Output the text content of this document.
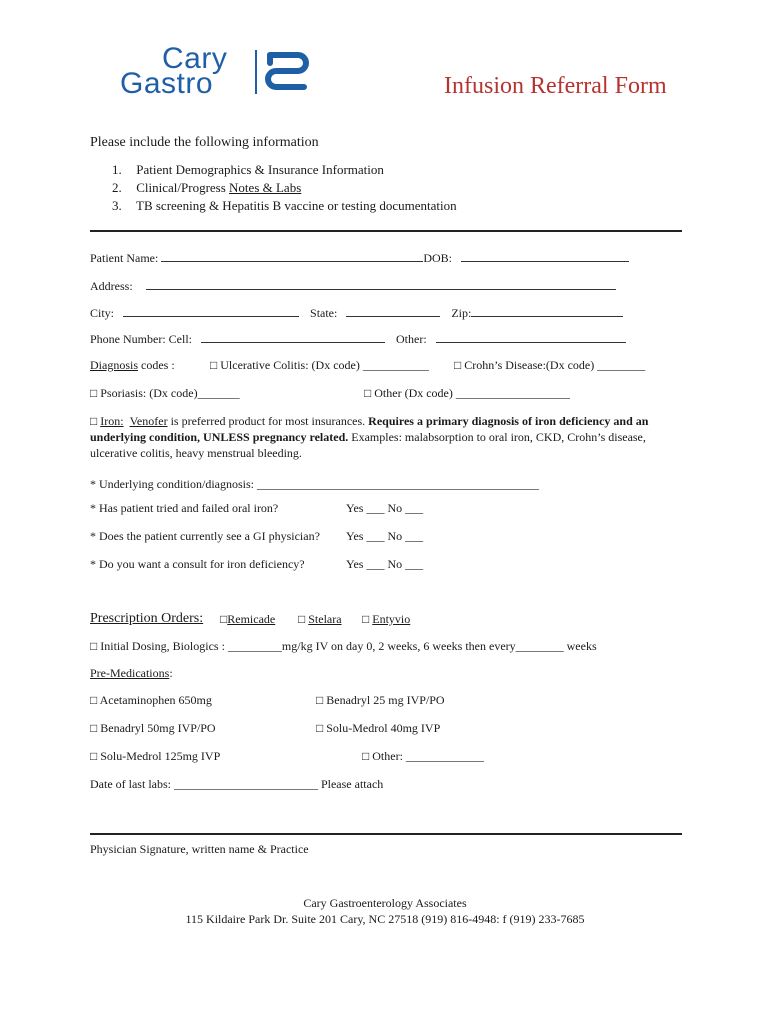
Cary
Gastro	Infusion Referral Form
Please include the following information
1. Patient Demographics & Insurance Information
2. Clinical/Progress Notes & Labs
3. TB screening & Hepatitis B vaccine or testing documentation
Patient Name:	DOB:
Address:
City:	State:	Zip:
Phone Number: Cell:	Other:
Diagnosis codes :	□ Ulcerative Colitis: (Dx code) ___________ □ Crohn’s Disease:(Dx code) ________
□ Psoriasis: (Dx code)_______	□ Other (Dx code) ___________________
□ Iron: Venofer is preferred product for most insurances. Requires a primary diagnosis of iron deficiency and an underlying condition, UNLESS pregnancy related. Examples: malabsorption to oral iron, CKD, Crohn’s disease, ulcerative colitis, heavy menstrual bleeding.
* Underlying condition/diagnosis: _______________________________________________
* Has patient tried and failed oral iron?	Yes ___ No ___
* Does the patient currently see a GI physician? Yes ___ No ___
* Do you want a consult for iron deficiency?	Yes ___ No ___
Prescription Orders: □Remicade □ Stelara □ Entyvio
□ Initial Dosing, Biologics : _________mg/kg IV on day 0, 2 weeks, 6 weeks then every________ weeks
Pre-Medications:
□ Acetaminophen 650mg	□ Benadryl 25 mg IVP/PO
□ Benadryl 50mg IVP/PO	□ Solu-Medrol 40mg IVP
□ Solu-Medrol 125mg IVP	□ Other: _____________
Date of last labs: ________________________ Please attach
Physician Signature, written name & Practice
Cary Gastroenterology Associates
115 Kildaire Park Dr. Suite 201 Cary, NC 27518 (919) 816-4948: f (919) 233-7685
